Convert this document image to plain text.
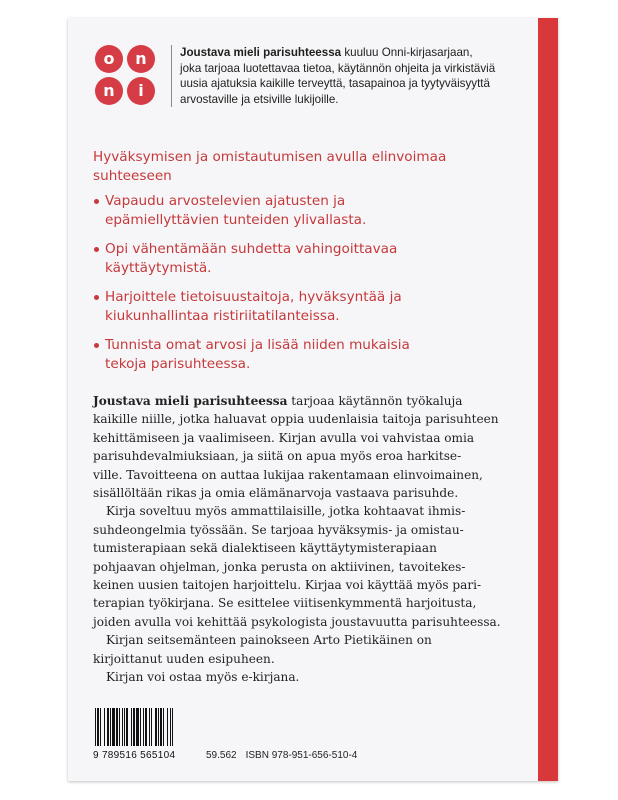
o	n
n	i
Joustava mieli parisuhteessa kuuluu Onni-kirjasarjaan,
joka tarjoaa luotettavaa tietoa, käytännön ohjeita ja virkistäviä
uusia ajatuksia kaikille terveyttä, tasapainoa ja tyytyväisyyttä
arvostaville ja etsiville lukijoille.
Hyväksymisen ja omistautumisen avulla elinvoimaa
suhteeseen
Vapaudu arvostelevien ajatusten ja
epämiellyttävien tunteiden ylivallasta.
Opi vähentämään suhdetta vahingoittavaa
käyttäytymistä.
Harjoittele tietoisuustaitoja, hyväksyntää ja
kiukunhallintaa ristiriitatilanteissa.
Tunnista omat arvosi ja lisää niiden mukaisia
tekoja parisuhteessa.
Joustava mieli parisuhteessa tarjoaa käytännön työkaluja
kaikille niille, jotka haluavat oppia uudenlaisia taitoja parisuhteen
kehittämiseen ja vaalimiseen. Kirjan avulla voi vahvistaa omia
parisuhdevalmiuksiaan, ja siitä on apua myös eroa harkitse-
ville. Tavoitteena on auttaa lukijaa rakentamaan elinvoimainen,
sisällöltään rikas ja omia elämänarvoja vastaava parisuhde.
Kirja soveltuu myös ammattilaisille, jotka kohtaavat ihmis-
suhdeongelmia työssään. Se tarjoaa hyväksymis- ja omistau-
tumisterapiaan sekä dialektiseen käyttäytymisterapiaan
pohjaavan ohjelman, jonka perusta on aktiivinen, tavoitekes-
keinen uusien taitojen harjoittelu. Kirjaa voi käyttää myös pari-
terapian työkirjana. Se esittelee viitisenkymmentä harjoitusta,
joiden avulla voi kehittää psykologista joustavuutta parisuhteessa.
Kirjan seitsemänteen painokseen Arto Pietikäinen on
kirjoittanut uuden esipuheen.
Kirjan voi ostaa myös e-kirjana.
9 789516 565104	59.562 ISBN 978-951-656-510-4
